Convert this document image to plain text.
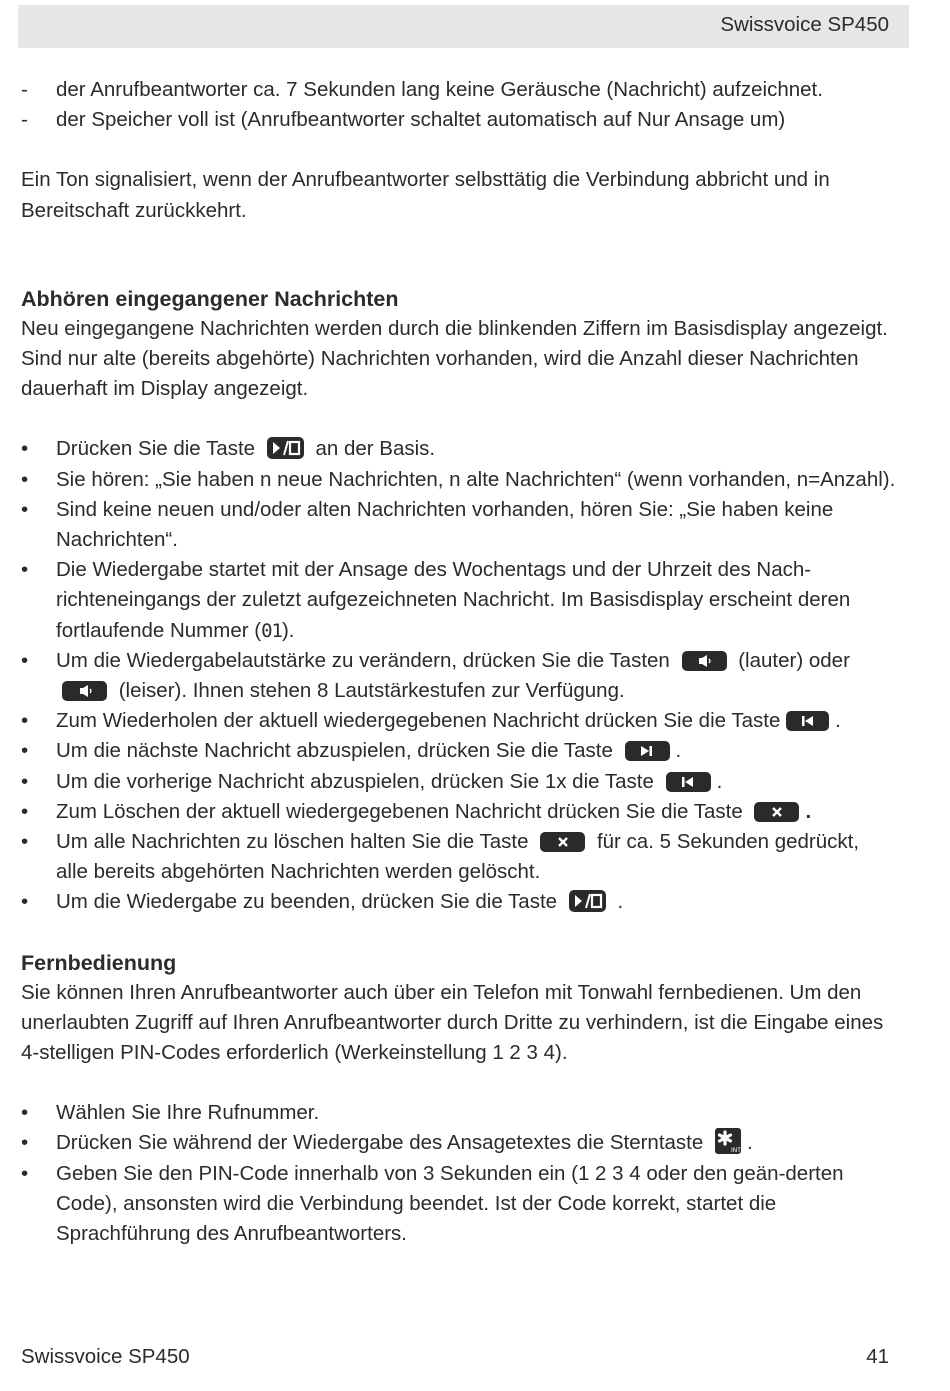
Swissvoice SP450
- der Anrufbeantworter ca. 7 Sekunden lang keine Geräusche (Nachricht) aufzeichnet.
- der Speicher voll ist (Anrufbeantworter schaltet automatisch auf Nur Ansage um)

Ein Ton signalisiert, wenn der Anrufbeantworter selbsttätig die Verbindung abbricht und in Bereitschaft zurückkehrt.

Abhören eingegangener Nachrichten

Neu eingegangene Nachrichten werden durch die blinkenden Ziffern im Basisdisplay angezeigt. Sind nur alte (bereits abgehörte) Nachrichten vorhanden, wird die Anzahl dieser Nachrichten dauerhaft im Display angezeigt.

• Drücken Sie die Taste	an der Basis.
• Sie hören: „Sie haben n neue Nachrichten, n alte Nachrichten“ (wenn vorhanden, n=Anzahl).
• Sind keine neuen und/oder alten Nachrichten vorhanden, hören Sie: „Sie haben keine Nachrichten“.
• Die Wiedergabe startet mit der Ansage des Wochentags und der Uhrzeit des Nach-richteneingangs der zuletzt aufgezeichneten Nachricht. Im Basisdisplay erscheint deren fortlaufende Nummer (01).
• Um die Wiedergabelautstärke zu verändern, drücken Sie die Tasten	(lauter) oder
(leiser). Ihnen stehen 8 Lautstärkestufen zur Verfügung.
• Zum Wiederholen der aktuell wiedergegebenen Nachricht drücken Sie die Taste	.
• Um die nächste Nachricht abzuspielen, drücken Sie die Taste	.
• Um die vorherige Nachricht abzuspielen, drücken Sie 1x die Taste	.
• Zum Löschen der aktuell wiedergegebenen Nachricht drücken Sie die Taste	.
• Um alle Nachrichten zu löschen halten Sie die Taste	für ca. 5 Sekunden gedrückt, alle bereits abgehörten Nachrichten werden gelöscht.
• Um die Wiedergabe zu beenden, drücken Sie die Taste	.
Fernbedienung

Sie können Ihren Anrufbeantworter auch über ein Telefon mit Tonwahl fernbedienen. Um den unerlaubten Zugriff auf Ihren Anrufbeantworter durch Dritte zu verhindern, ist die Eingabe eines 4-stelligen PIN-Codes erforderlich (Werkeinstellung 1 2 3 4).

• Wählen Sie Ihre Rufnummer.
• Drücken Sie während der Wiedergabe des Ansagetextes die Sterntaste	INT .
• Geben Sie den PIN-Code innerhalb von 3 Sekunden ein (1 2 3 4 oder den geän-derten Code), ansonsten wird die Verbindung beendet. Ist der Code korrekt, startet die Sprachführung des Anrufbeantworters.
Swissvoice SP450	41
